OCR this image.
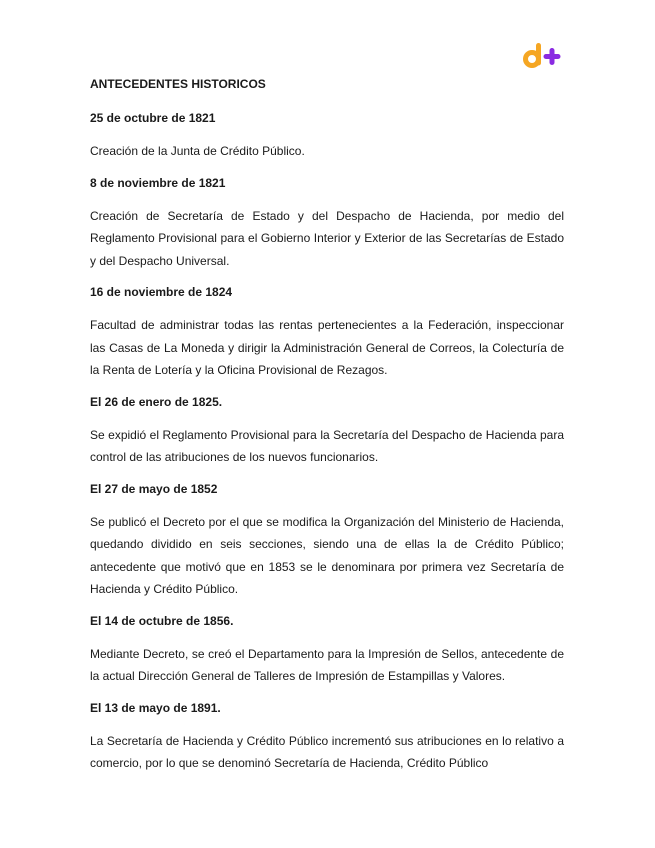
ANTECEDENTES HISTORICOS
25 de octubre de 1821
Creación de la Junta de Crédito Público.
8 de noviembre de 1821
Creación de Secretaría de Estado y del Despacho de Hacienda, por medio del Reglamento Provisional para el Gobierno Interior y Exterior de las Secretarías de Estado y del Despacho Universal.
16 de noviembre de 1824
Facultad de administrar todas las rentas pertenecientes a la Federación, inspeccionar las Casas de La Moneda y dirigir la Administración General de Correos, la Colecturía de la Renta de Lotería y la Oficina Provisional de Rezagos.
El 26 de enero de 1825.
Se expidió el Reglamento Provisional para la Secretaría del Despacho de Hacienda para control de las atribuciones de los nuevos funcionarios.
El 27 de mayo de 1852
Se publicó el Decreto por el que se modifica la Organización del Ministerio de Hacienda, quedando dividido en seis secciones, siendo una de ellas la de Crédito Público; antecedente que motivó que en 1853 se le denominara por primera vez Secretaría de Hacienda y Crédito Público.
El 14 de octubre de 1856.
Mediante Decreto, se creó el Departamento para la Impresión de Sellos, antecedente de la actual Dirección General de Talleres de Impresión de Estampillas y Valores.
El 13 de mayo de 1891.
La Secretaría de Hacienda y Crédito Público incrementó sus atribuciones en lo relativo a comercio, por lo que se denominó Secretaría de Hacienda, Crédito Público
